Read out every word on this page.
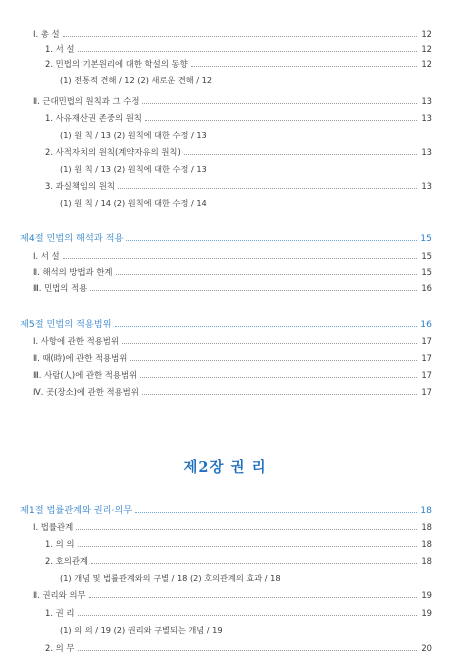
Ⅰ. 총 설	12
1. 서 설	12
2. 민법의 기본원리에 대한 학설의 동향	12
(1) 전통적 견해 / 12 (2) 새로운 견해 / 12
Ⅱ. 근대민법의 원칙과 그 수정	13
1. 사유재산권 존중의 원칙	13
(1) 원 칙 / 13 (2) 원칙에 대한 수정 / 13
2. 사적자치의 원칙(계약자유의 원칙)	13
(1) 원 칙 / 13 (2) 원칙에 대한 수정 / 13
3. 과실책임의 원칙	13
(1) 원 칙 / 14 (2) 원칙에 대한 수정 / 14
제4절 민법의 해석과 적용	15
Ⅰ. 서 설	15
Ⅱ. 해석의 방법과 한계	15
Ⅲ. 민법의 적용	16
제5절 민법의 적용범위	16
Ⅰ. 사항에 관한 적용범위	17
Ⅱ. 때(時)에 관한 적용범위	17
Ⅲ. 사람(人)에 관한 적용범위	17
Ⅳ. 곳(장소)에 관한 적용범위	17
제2장 권 리
제1절 법률관계와 권리·의무	18
Ⅰ. 법률관계	18
1. 의 의	18
2. 호의관계	18
(1) 개념 및 법률관계와의 구별 / 18 (2) 호의관계의 효과 / 18
Ⅱ. 권리와 의무	19
1. 권 리	19
(1) 의 의 / 19 (2) 권리와 구별되는 개념 / 19
2. 의 무	20
